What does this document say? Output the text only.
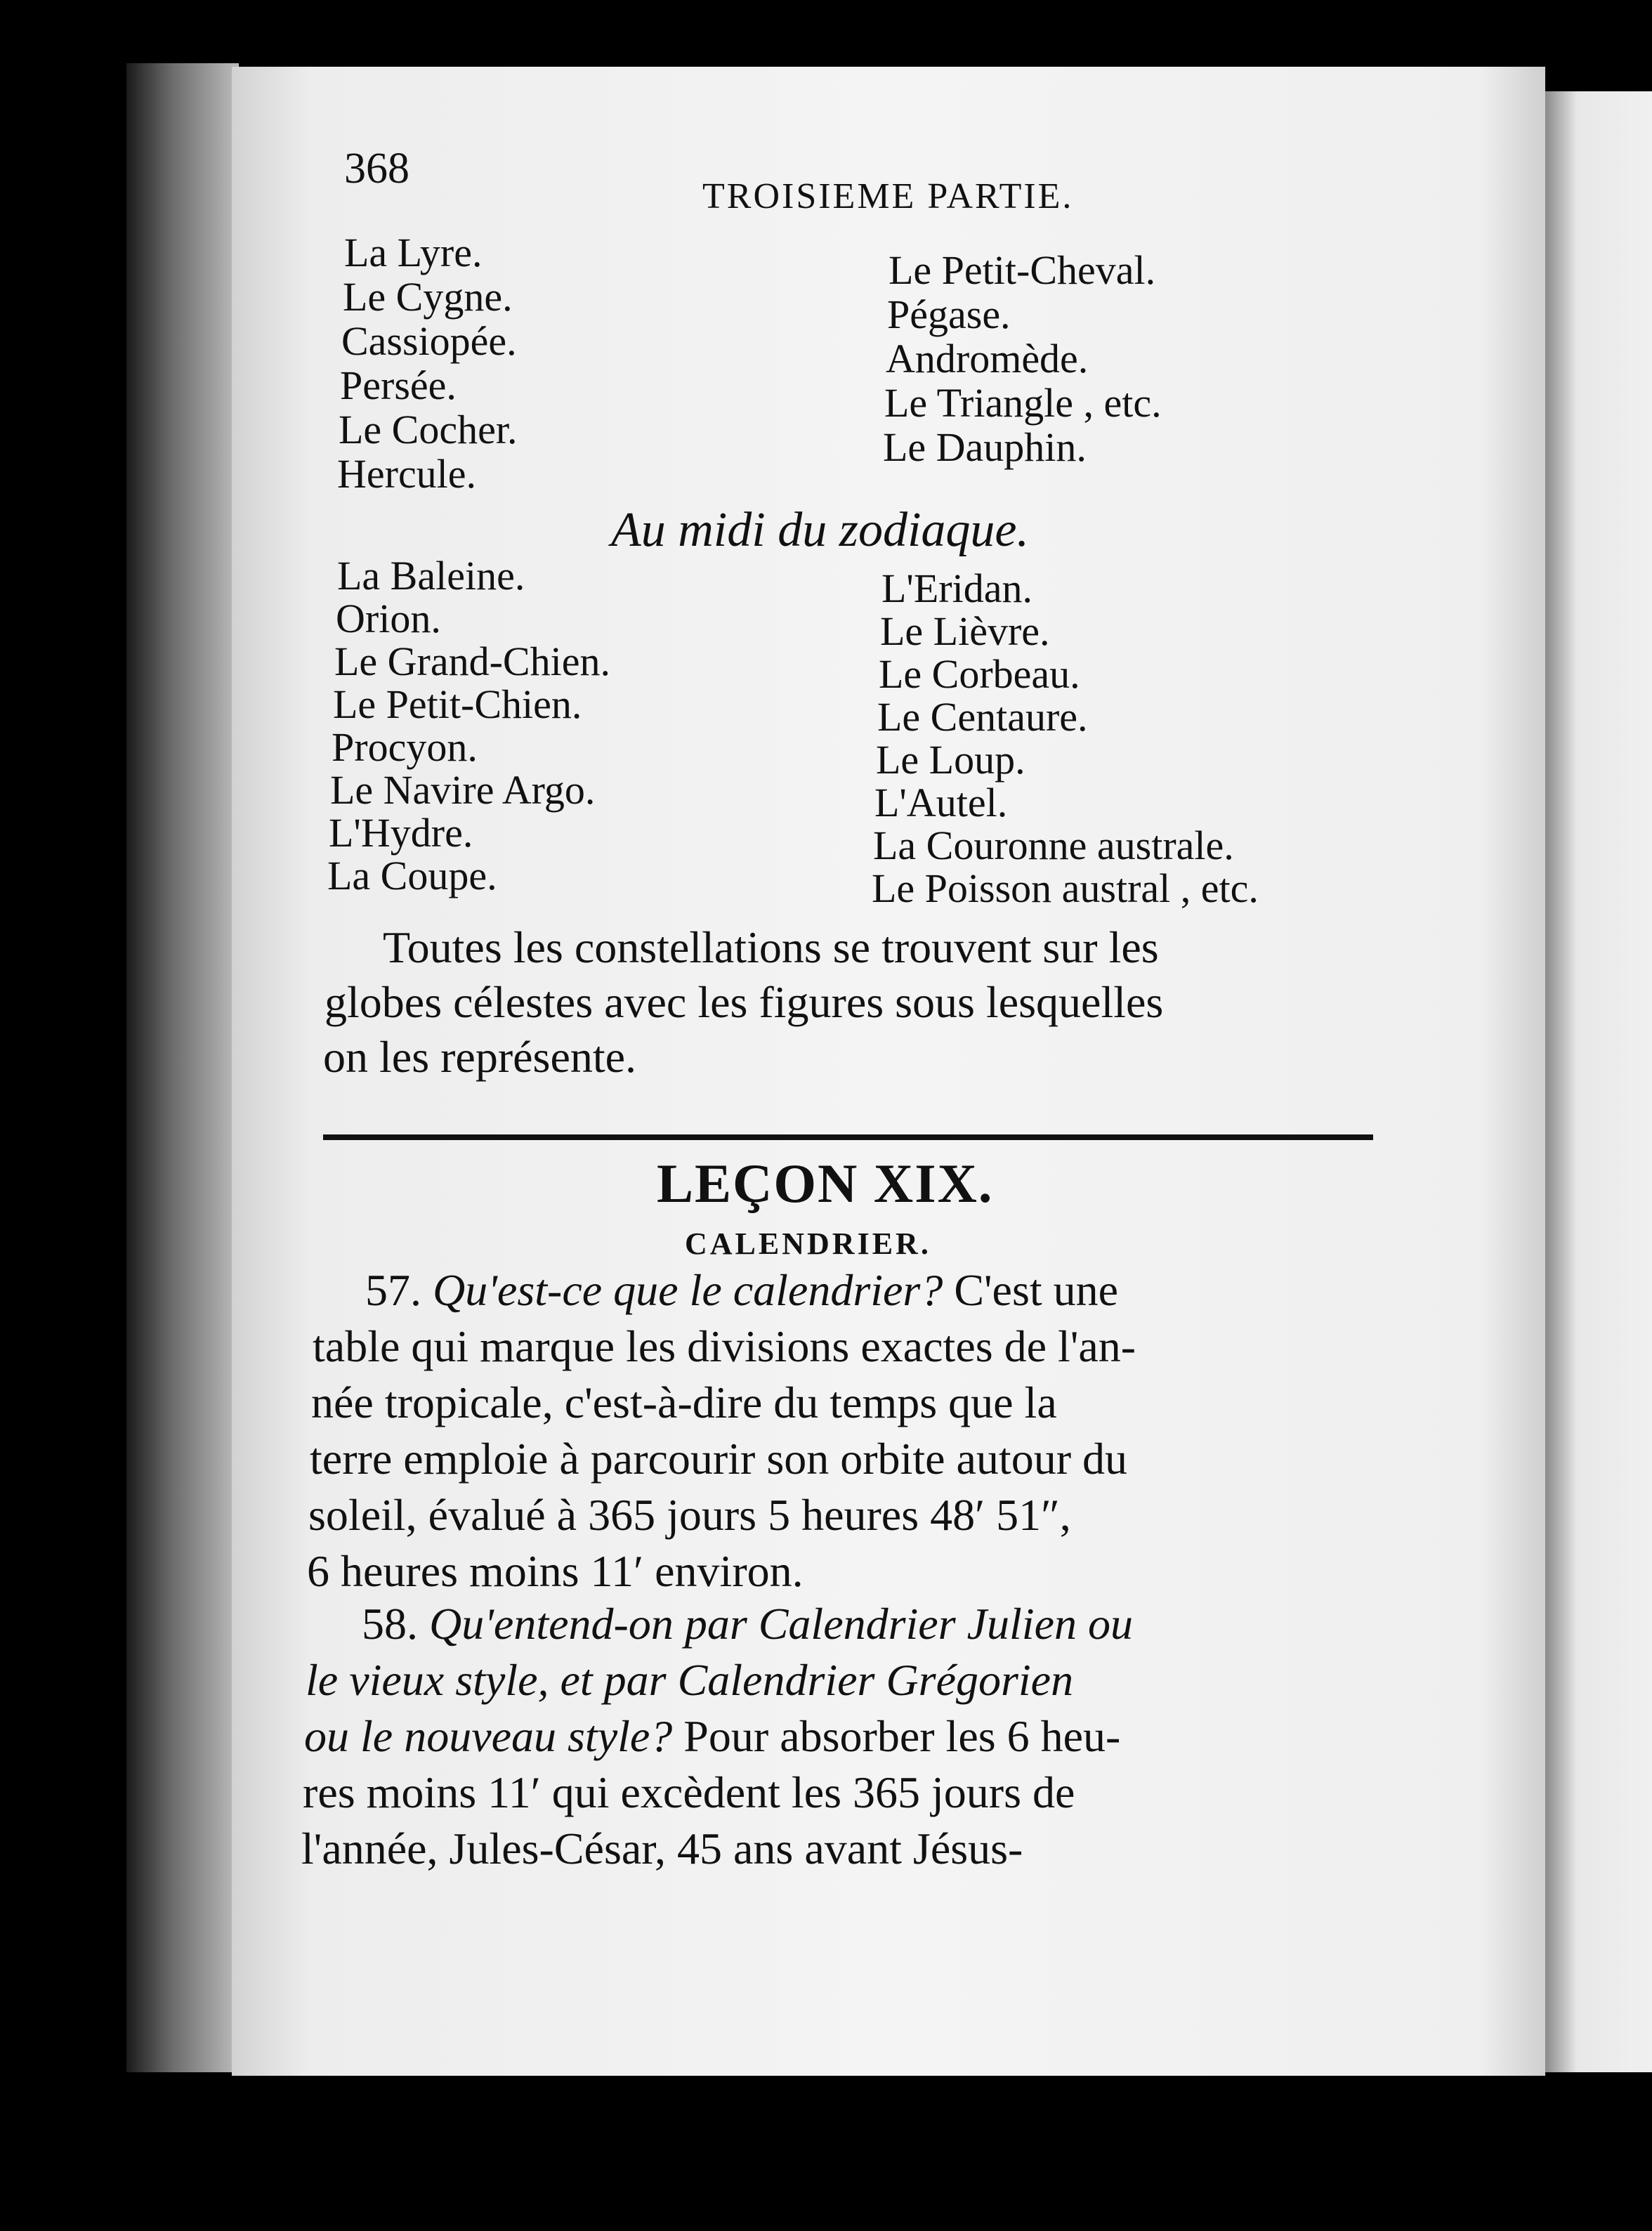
368
TROISIEME PARTIE.
La Lyre.
Le Cygne.
Cassiopée.
Persée.
Le Cocher.
Hercule.
Le Petit-Cheval.
Pégase.
Andromède.
Le Triangle , etc.
Le Dauphin.
Au midi du zodiaque.
La Baleine.
Orion.
Le Grand-Chien.
Le Petit-Chien.
Procyon.
Le Navire Argo.
L'Hydre.
La Coupe.
L'Eridan.
Le Lièvre.
Le Corbeau.
Le Centaure.
Le Loup.
L'Autel.
La Couronne australe.
Le Poisson austral , etc.
Toutes les constellations se trouvent sur les
globes célestes avec les figures sous lesquelles
on les représente.
LEÇON XIX.
CALENDRIER.
57. Qu'est-ce que le calendrier? C'est une
table qui marque les divisions exactes de l'an-
née tropicale, c'est-à-dire du temps que la
terre emploie à parcourir son orbite autour du
soleil, évalué à 365 jours 5 heures 48′ 51″,
6 heures moins 11′ environ.
58. Qu'entend-on par Calendrier Julien ou
le vieux style, et par Calendrier Grégorien
ou le nouveau style? Pour absorber les 6 heu-
res moins 11′ qui excèdent les 365 jours de
l'année, Jules-César, 45 ans avant Jésus-
